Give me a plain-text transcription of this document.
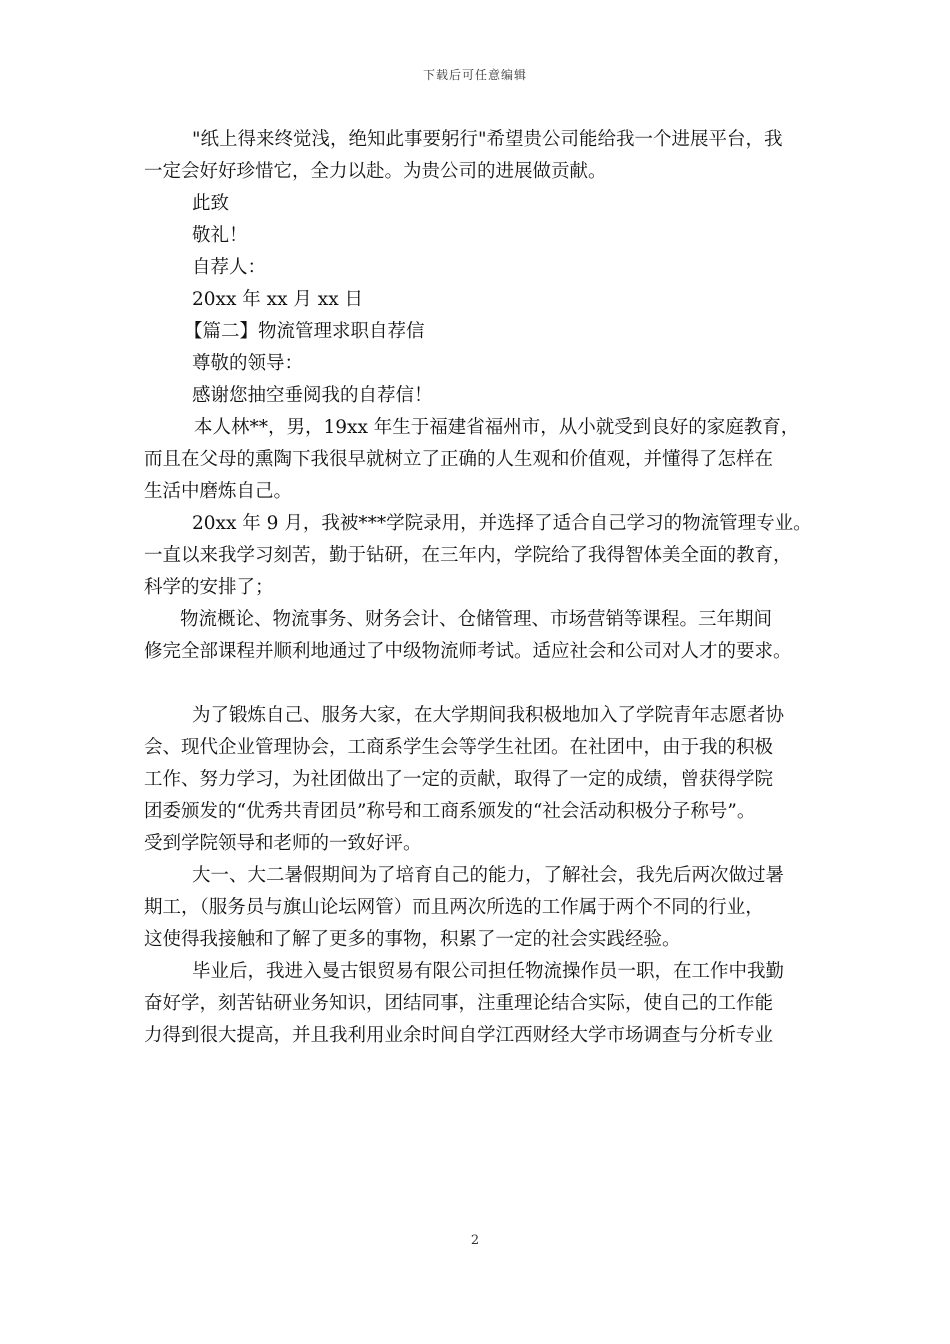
下载后可任意编辑
"纸上得来终觉浅，绝知此事要躬行"希望贵公司能给我一个进展平台，我
一定会好好珍惜它，全力以赴。为贵公司的进展做贡献。
此致
敬礼！
自荐人：
20xx 年 xx 月 xx 日
【篇二】物流管理求职自荐信
尊敬的领导：
感谢您抽空垂阅我的自荐信！
本人林**，男，19xx 年生于福建省福州市，从小就受到良好的家庭教育，
而且在父母的熏陶下我很早就树立了正确的人生观和价值观，并懂得了怎样在
生活中磨炼自己。
20xx 年 9 月，我被***学院录用，并选择了适合自己学习的物流管理专业。
一直以来我学习刻苦，勤于钻研，在三年内，学院给了我得智体美全面的教育，
科学的安排了；
物流概论、物流事务、财务会计、仓储管理、市场营销等课程。三年期间
修完全部课程并顺利地通过了中级物流师考试。适应社会和公司对人才的要求。
为了锻炼自己、服务大家，在大学期间我积极地加入了学院青年志愿者协
会、现代企业管理协会，工商系学生会等学生社团。在社团中，由于我的积极
工作、努力学习，为社团做出了一定的贡献，取得了一定的成绩，曾获得学院
团委颁发的“优秀共青团员”称号和工商系颁发的“社会活动积极分子称号”。
受到学院领导和老师的一致好评。
大一、大二暑假期间为了培育自己的能力，了解社会，我先后两次做过暑
期工，（服务员与旗山论坛网管）而且两次所选的工作属于两个不同的行业，
这使得我接触和了解了更多的事物，积累了一定的社会实践经验。
毕业后，我进入曼古银贸易有限公司担任物流操作员一职，在工作中我勤
奋好学，刻苦钻研业务知识，团结同事，注重理论结合实际，使自己的工作能
力得到很大提高，并且我利用业余时间自学江西财经大学市场调查与分析专业
2
